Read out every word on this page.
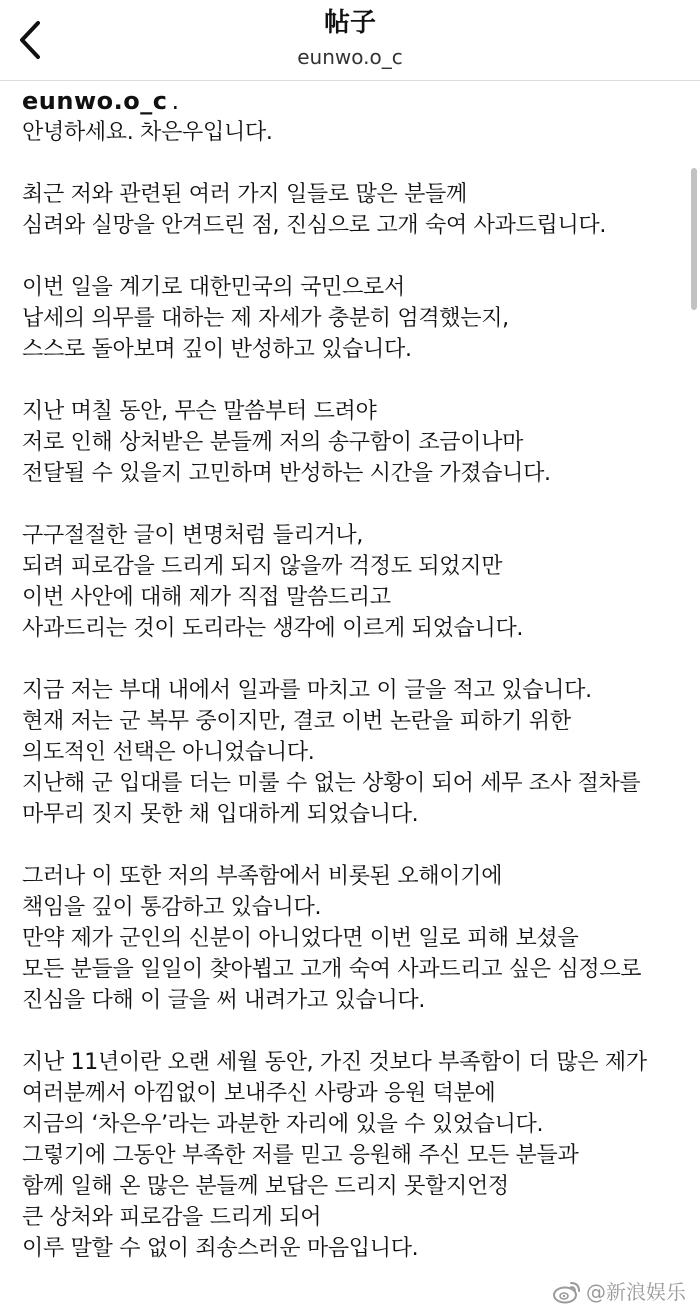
帖子
eunwo.o_c
eunwo.o_c .
안녕하세요. 차은우입니다.
최근 저와 관련된 여러 가지 일들로 많은 분들께
심려와 실망을 안겨드린 점, 진심으로 고개 숙여 사과드립니다.
이번 일을 계기로 대한민국의 국민으로서
납세의 의무를 대하는 제 자세가 충분히 엄격했는지,
스스로 돌아보며 깊이 반성하고 있습니다.
지난 며칠 동안, 무슨 말씀부터 드려야
저로 인해 상처받은 분들께 저의 송구함이 조금이나마
전달될 수 있을지 고민하며 반성하는 시간을 가졌습니다.
구구절절한 글이 변명처럼 들리거나,
되려 피로감을 드리게 되지 않을까 걱정도 되었지만
이번 사안에 대해 제가 직접 말씀드리고
사과드리는 것이 도리라는 생각에 이르게 되었습니다.
지금 저는 부대 내에서 일과를 마치고 이 글을 적고 있습니다.
현재 저는 군 복무 중이지만, 결코 이번 논란을 피하기 위한
의도적인 선택은 아니었습니다.
지난해 군 입대를 더는 미룰 수 없는 상황이 되어 세무 조사 절차를
마무리 짓지 못한 채 입대하게 되었습니다.
그러나 이 또한 저의 부족함에서 비롯된 오해이기에
책임을 깊이 통감하고 있습니다.
만약 제가 군인의 신분이 아니었다면 이번 일로 피해 보셨을
모든 분들을 일일이 찾아뵙고 고개 숙여 사과드리고 싶은 심정으로
진심을 다해 이 글을 써 내려가고 있습니다.
지난 11년이란 오랜 세월 동안, 가진 것보다 부족함이 더 많은 제가
여러분께서 아낌없이 보내주신 사랑과 응원 덕분에
지금의 ‘차은우’라는 과분한 자리에 있을 수 있었습니다.
그렇기에 그동안 부족한 저를 믿고 응원해 주신 모든 분들과
함께 일해 온 많은 분들께 보답은 드리지 못할지언정
큰 상처와 피로감을 드리게 되어
이루 말할 수 없이 죄송스러운 마음입니다.
@新浪娱乐
